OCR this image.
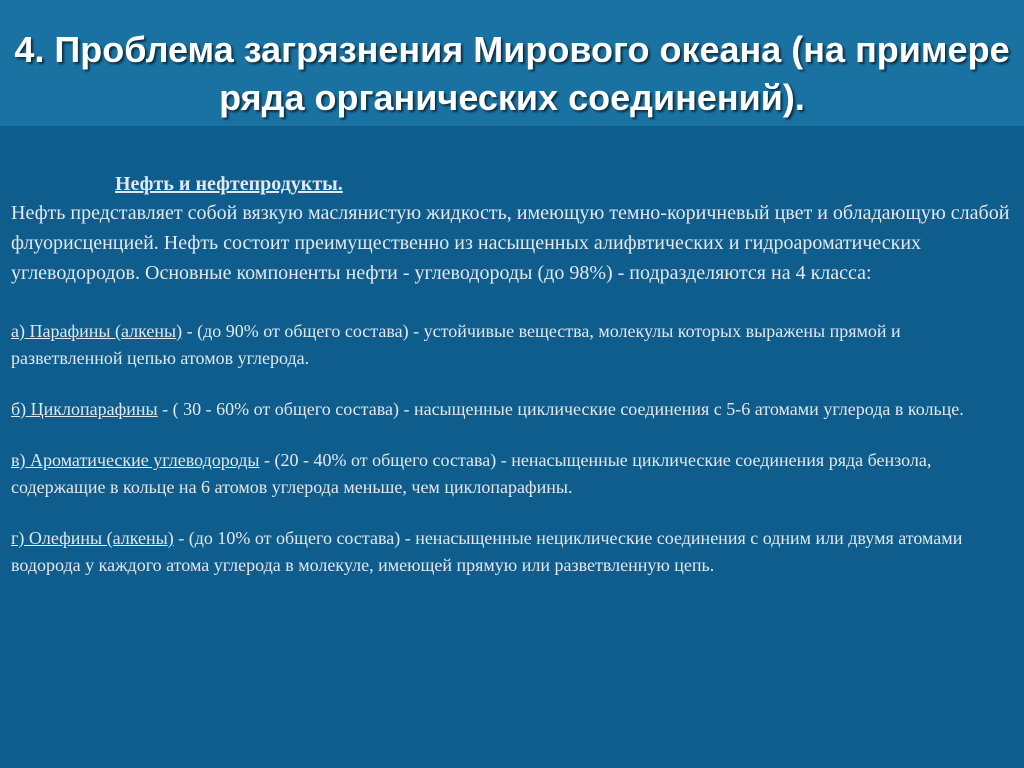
4. Проблема загрязнения Мирового океана (на примере ряда органических соединений).
Нефть и нефтепродукты.

Нефть представляет собой вязкую маслянистую жидкость, имеющую темно-коричневый цвет и обладающую слабой флуорисценцией. Нефть состоит преимущественно из насыщенных алифвтических и гидроароматических углеводородов. Основные компоненты нефти - углеводороды (до 98%) - подразделяются на 4 класса:

а) Парафины (алкены) - (до 90% от общего состава) - устойчивые вещества, молекулы которых выражены прямой и разветвленной цепью атомов углерода.

б) Циклопарафины - ( 30 - 60% от общего состава) - насыщенные циклические соединения с 5-6 атомами углерода в кольце.

в) Ароматические углеводороды - (20 - 40% от общего состава) - ненасыщенные циклические соединения ряда бензола, содержащие в кольце на 6 атомов углерода меньше, чем циклопарафины.

г) Олефины (алкены) - (до 10% от общего состава) - ненасыщенные нециклические соединения с одним или двумя атомами водорода у каждого атома углерода в молекуле, имеющей прямую или разветвленную цепь.
